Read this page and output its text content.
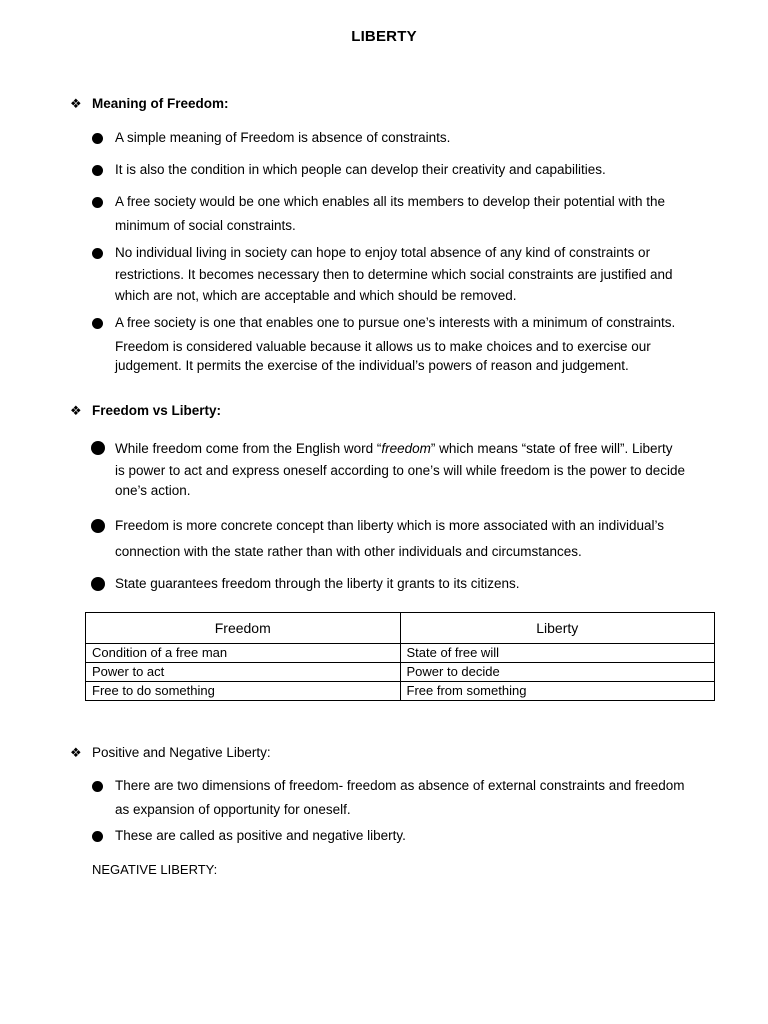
LIBERTY
❖ Meaning of Freedom:
A simple meaning of Freedom is absence of constraints.
It is also the condition in which people can develop their creativity and capabilities.
A free society would be one which enables all its members to develop their potential with the
minimum of social constraints.
No individual living in society can hope to enjoy total absence of any kind of constraints or
restrictions. It becomes necessary then to determine which social constraints are justified and
which are not, which are acceptable and which should be removed.
A free society is one that enables one to pursue one’s interests with a minimum of constraints.
Freedom is considered valuable because it allows us to make choices and to exercise our
judgement. It permits the exercise of the individual’s powers of reason and judgement.
❖ Freedom vs Liberty:
While freedom come from the English word “freedom” which means “state of free will”. Liberty
is power to act and express oneself according to one’s will while freedom is the power to decide
one’s action.
Freedom is more concrete concept than liberty which is more associated with an individual’s
connection with the state rather than with other individuals and circumstances.
State guarantees freedom through the liberty it grants to its citizens.
Freedom	Liberty
Condition of a free man	State of free will
Power to act	Power to decide
Free to do something	Free from something
❖ Positive and Negative Liberty:
There are two dimensions of freedom- freedom as absence of external constraints and freedom
as expansion of opportunity for oneself.
These are called as positive and negative liberty.
NEGATIVE LIBERTY:
